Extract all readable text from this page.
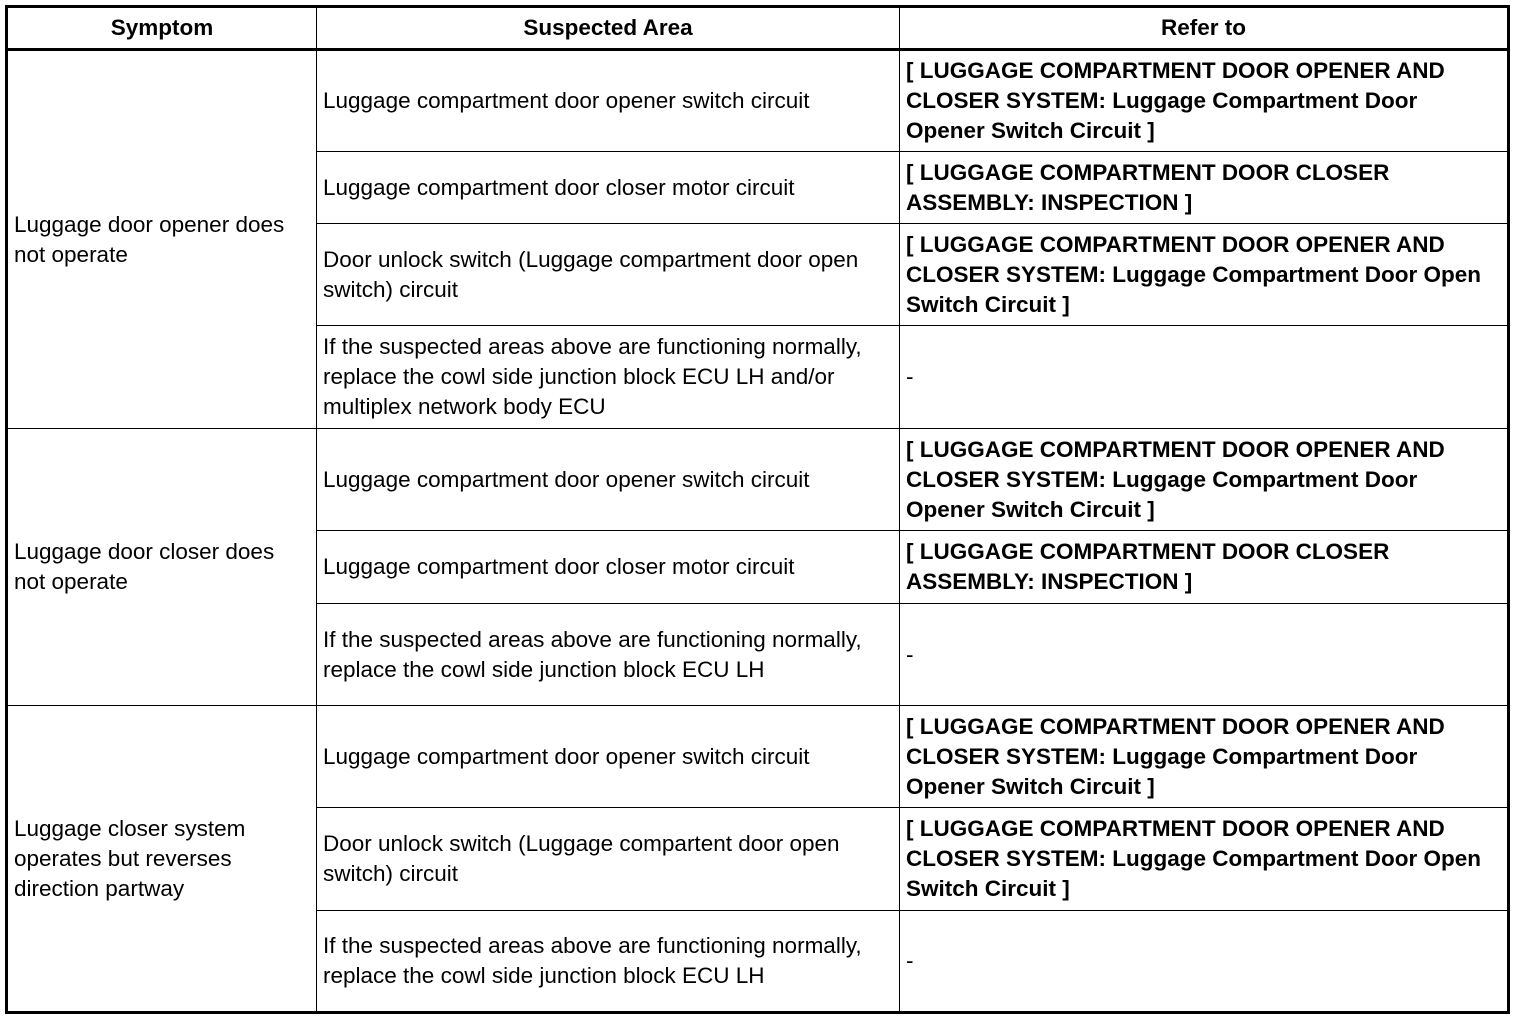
Symptom	Suspected Area	Refer to
Luggage door opener does not operate	Luggage compartment door opener switch circuit	[ LUGGAGE COMPARTMENT DOOR OPENER AND CLOSER SYSTEM: Luggage Compartment Door Opener Switch Circuit ]
	Luggage compartment door closer motor circuit	[ LUGGAGE COMPARTMENT DOOR CLOSER ASSEMBLY: INSPECTION ]
	Door unlock switch (Luggage compartment door open switch) circuit	[ LUGGAGE COMPARTMENT DOOR OPENER AND CLOSER SYSTEM: Luggage Compartment Door Open Switch Circuit ]
	If the suspected areas above are functioning normally, replace the cowl side junction block ECU LH and/or multiplex network body ECU	-
Luggage door closer does not operate	Luggage compartment door opener switch circuit	[ LUGGAGE COMPARTMENT DOOR OPENER AND CLOSER SYSTEM: Luggage Compartment Door Opener Switch Circuit ]
	Luggage compartment door closer motor circuit	[ LUGGAGE COMPARTMENT DOOR CLOSER ASSEMBLY: INSPECTION ]
	If the suspected areas above are functioning normally, replace the cowl side junction block ECU LH	-
Luggage closer system operates but reverses direction partway	Luggage compartment door opener switch circuit	[ LUGGAGE COMPARTMENT DOOR OPENER AND CLOSER SYSTEM: Luggage Compartment Door Opener Switch Circuit ]
	Door unlock switch (Luggage compartent door open switch) circuit	[ LUGGAGE COMPARTMENT DOOR OPENER AND CLOSER SYSTEM: Luggage Compartment Door Open Switch Circuit ]
	If the suspected areas above are functioning normally, replace the cowl side junction block ECU LH	-
